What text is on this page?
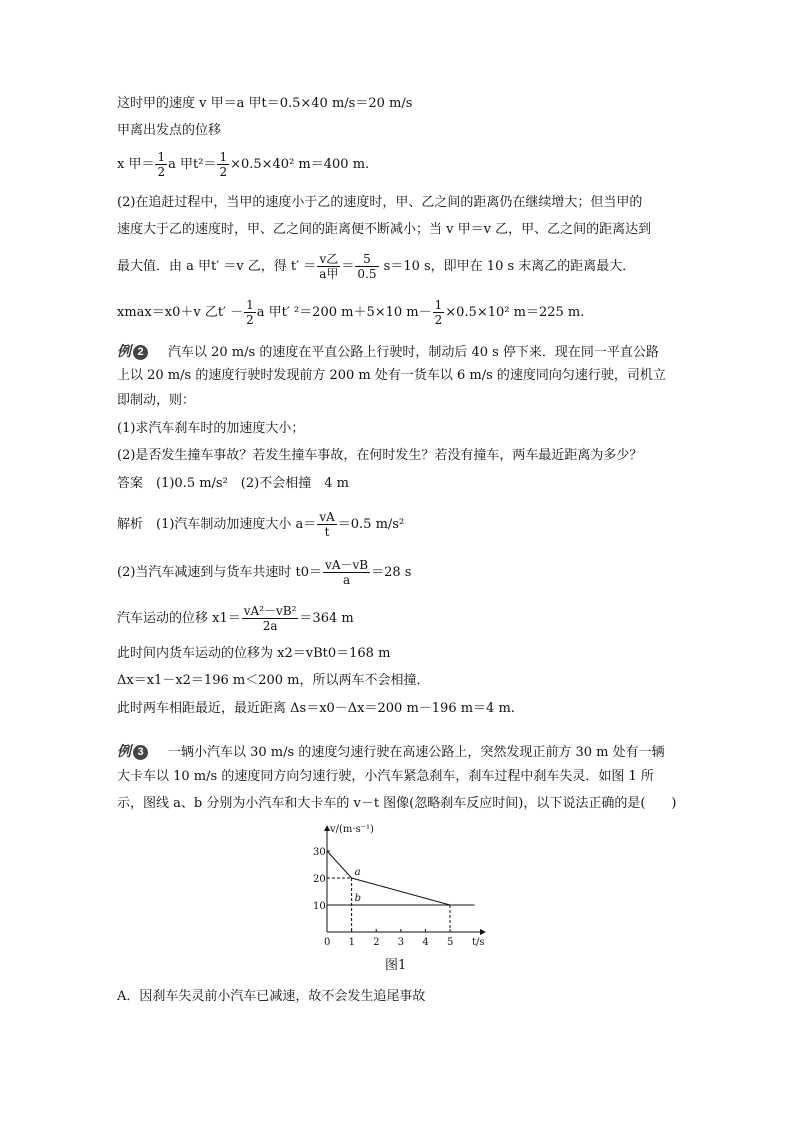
这时甲的速度 v 甲＝a 甲t＝0.5×40 m/s＝20 m/s
甲离出发点的位移
x 甲＝ $\frac{1}{2}$ a 甲$t^2= \frac{1}{2} \times 0.5\times 40^2$ m＝400 m.
(2)在追赶过程中，当甲的速度小于乙的速度时，甲、乙之间的距离仍在继续增大；但当甲的
速度大于乙的速度时，甲、乙之间的距离便不断减小；当 v 甲＝v 乙，甲、乙之间的距离达到
最大值．由 a 甲t′ ＝v 乙，得 $t' = \frac{\text{v乙}}{\text{a甲}} = \frac{5}{0.5} s=10$ s，即甲在 10 s 末离乙的距离最大．
xmax＝x0＋v 乙$t' - \frac{1}{2}$ a 甲t′ ²＝200 m＋5×10 $m- \frac{1}{2} \times 0.5\times 10^2$ m＝225 m.
例 2 汽车以 20 m/s 的速度在平直公路上行驶时，制动后 40 s 停下来．现在同一平直公路
上以 20 m/s 的速度行驶时发现前方 200 m 处有一货车以 6 m/s 的速度同向匀速行驶，司机立
即制动，则：
(1)求汽车刹车时的加速度大小；
(2)是否发生撞车事故？若发生撞车事故，在何时发生？若没有撞车，两车最近距离为多少？
答案　(1)0.5 m/s²　(2)不会相撞　4 m
解析　(1)汽车制动加速度大小 $a= \frac{vA}{t} =0.5$ m/s²
(2)当汽车减速到与货车共速时 $t0= \frac{vA-vB}{a} =28$ s
汽车运动的位移 $x1= \frac{\text{vA²－vB²}}{2a} =364$ m
此时间内货车运动的位移为 x2＝vBt0＝168 m
Δx＝x1－x2＝196 m＜200 m，所以两车不会相撞．
此时两车相距最近，最近距离 Δs＝x0－Δx＝200 m－196 m＝4 m.
例 3 一辆小汽车以 30 m/s 的速度匀速行驶在高速公路上，突然发现正前方 30 m 处有一辆
大卡车以 10 m/s 的速度同方向匀速行驶，小汽车紧急刹车，刹车过程中刹车失灵．如图 1 所
示，图线 a、b 分别为小汽车和大卡车的 v－t 图像(忽略刹车反应时间)，以下说法正确的是(　　)
v/(m·s⁻¹)
t/s
0 1 2 3 4 5
10
20
30
a
b
图1
A．因刹车失灵前小汽车已减速，故不会发生追尾事故
